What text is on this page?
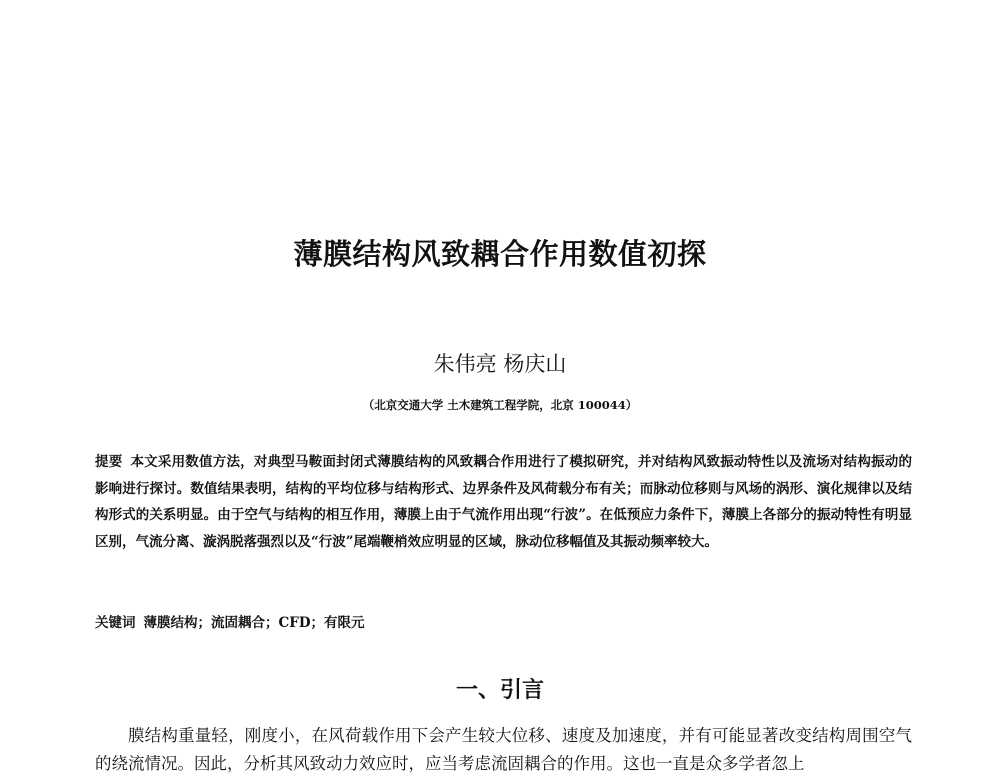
薄膜结构风致耦合作用数值初探
朱伟亮 杨庆山
（北京交通大学 土木建筑工程学院，北京 100044）
提要 本文采用数值方法，对典型马鞍面封闭式薄膜结构的风致耦合作用进行了模拟研究，并对结构风致振动特性以及流场对结构振动的影响进行探讨。数值结果表明，结构的平均位移与结构形式、边界条件及风荷载分布有关；而脉动位移则与风场的涡形、演化规律以及结构形式的关系明显。由于空气与结构的相互作用，薄膜上由于气流作用出现“行波”。在低预应力条件下，薄膜上各部分的振动特性有明显区别，气流分离、漩涡脱落强烈以及“行波”尾端鞭梢效应明显的区域，脉动位移幅值及其振动频率较大。
关键词 薄膜结构；流固耦合；CFD；有限元
一、引言
膜结构重量轻，刚度小，在风荷载作用下会产生较大位移、速度及加速度，并有可能显著改变结构周围空气的绕流情况。因此，分析其风致动力效应时，应当考虑流固耦合的作用。这也一直是众多学者忽上
